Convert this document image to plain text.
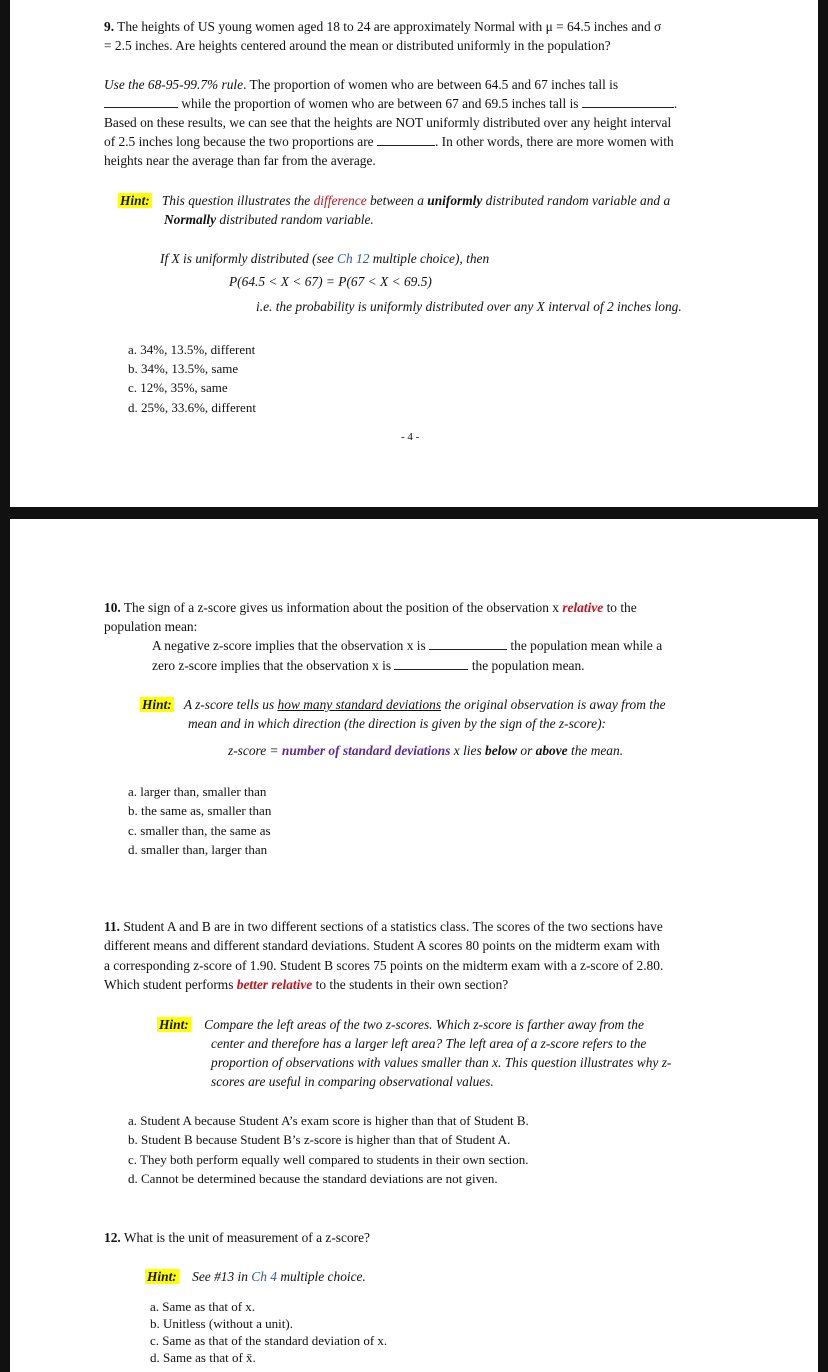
9. The heights of US young women aged 18 to 24 are approximately Normal with μ = 64.5 inches and σ
= 2.5 inches. Are heights centered around the mean or distributed uniformly in the population?
Use the 68-95-99.7% rule. The proportion of women who are between 64.5 and 67 inches tall is
while the proportion of women who are between 67 and 69.5 inches tall is	.
Based on these results, we can see that the heights are NOT uniformly distributed over any height interval
of 2.5 inches long because the two proportions are	. In other words, there are more women with
heights near the average than far from the average.
Hint: This question illustrates the difference between a uniformly distributed random variable and a
Normally distributed random variable.
If X is uniformly distributed (see Ch 12 multiple choice), then
P(64.5 < X < 67) = P(67 < X < 69.5)
i.e. the probability is uniformly distributed over any X interval of 2 inches long.
a. 34%, 13.5%, different
b. 34%, 13.5%, same
c. 12%, 35%, same
d. 25%, 33.6%, different
- 4 -
10. The sign of a z-score gives us information about the position of the observation x relative to the
population mean:
A negative z-score implies that the observation x is	the population mean while a
zero z-score implies that the observation x is	the population mean.
Hint: A z-score tells us how many standard deviations the original observation is away from the
mean and in which direction (the direction is given by the sign of the z-score):
z-score = number of standard deviations x lies below or above the mean.
a. larger than, smaller than
b. the same as, smaller than
c. smaller than, the same as
d. smaller than, larger than
11. Student A and B are in two different sections of a statistics class. The scores of the two sections have
different means and different standard deviations. Student A scores 80 points on the midterm exam with
a corresponding z-score of 1.90. Student B scores 75 points on the midterm exam with a z-score of 2.80.
Which student performs better relative to the students in their own section?
Hint: Compare the left areas of the two z-scores. Which z-score is farther away from the
center and therefore has a larger left area? The left area of a z-score refers to the
proportion of observations with values smaller than x. This question illustrates why z-
scores are useful in comparing observational values.
a. Student A because Student A’s exam score is higher than that of Student B.
b. Student B because Student B’s z-score is higher than that of Student A.
c. They both perform equally well compared to students in their own section.
d. Cannot be determined because the standard deviations are not given.
12. What is the unit of measurement of a z-score?
Hint: See #13 in Ch 4 multiple choice.
a. Same as that of x.
b. Unitless (without a unit).
c. Same as that of the standard deviation of x.
d. Same as that of x̄.
